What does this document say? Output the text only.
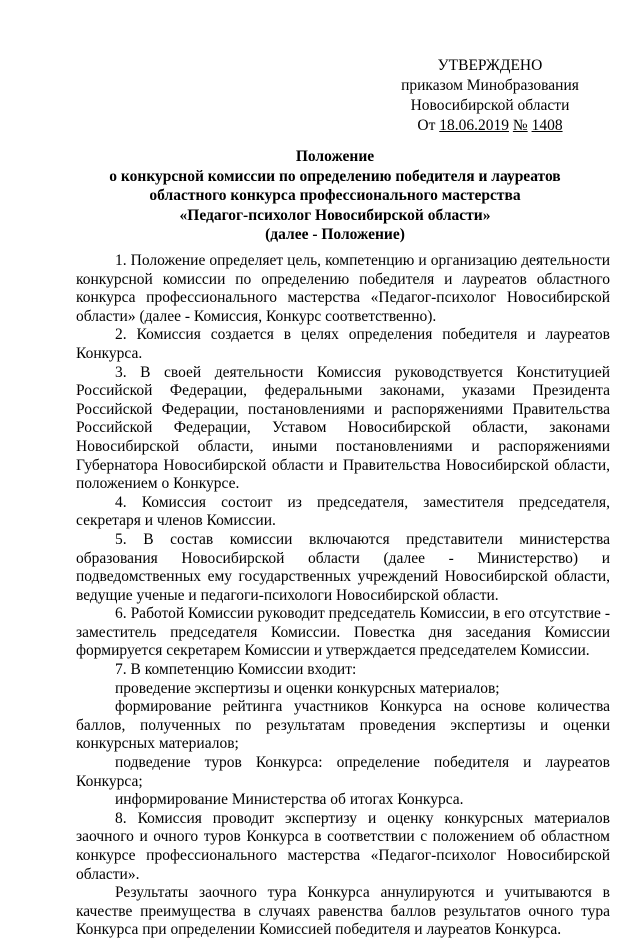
УТВЕРЖДЕНО
приказом Минобразования
Новосибирской области
От 18.06.2019 № 1408
Положение
о конкурсной комиссии по определению победителя и лауреатов
областного конкурса профессионального мастерства
«Педагог-психолог Новосибирской области»
(далее - Положение)

1. Положение определяет цель, компетенцию и организацию деятельности конкурсной комиссии по определению победителя и лауреатов областного конкурса профессионального мастерства «Педагог-психолог Новосибирской области» (далее - Комиссия, Конкурс соответственно).

2. Комиссия создается в целях определения победителя и лауреатов Конкурса.

3. В своей деятельности Комиссия руководствуется Конституцией Российской Федерации, федеральными законами, указами Президента Российской Федерации, постановлениями и распоряжениями Правительства Российской Федерации, Уставом Новосибирской области, законами Новосибирской области, иными постановлениями и распоряжениями Губернатора Новосибирской области и Правительства Новосибирской области, положением о Конкурсе.

4. Комиссия состоит из председателя, заместителя председателя, секретаря и членов Комиссии.

5. В состав комиссии включаются представители министерства образования Новосибирской области (далее - Министерство) и подведомственных ему государственных учреждений Новосибирской области, ведущие ученые и педагоги-психологи Новосибирской области.

6. Работой Комиссии руководит председатель Комиссии, в его отсутствие - заместитель председателя Комиссии. Повестка дня заседания Комиссии формируется секретарем Комиссии и утверждается председателем Комиссии.

7. В компетенцию Комиссии входит:

проведение экспертизы и оценки конкурсных материалов;

формирование рейтинга участников Конкурса на основе количества баллов, полученных по результатам проведения экспертизы и оценки конкурсных материалов;

подведение туров Конкурса: определение победителя и лауреатов Конкурса;

информирование Министерства об итогах Конкурса.

8. Комиссия проводит экспертизу и оценку конкурсных материалов заочного и очного туров Конкурса в соответствии с положением об областном конкурсе профессионального мастерства «Педагог-психолог Новосибирской области».

Результаты заочного тура Конкурса аннулируются и учитываются в качестве преимущества в случаях равенства баллов результатов очного тура Конкурса при определении Комиссией победителя и лауреатов Конкурса.
